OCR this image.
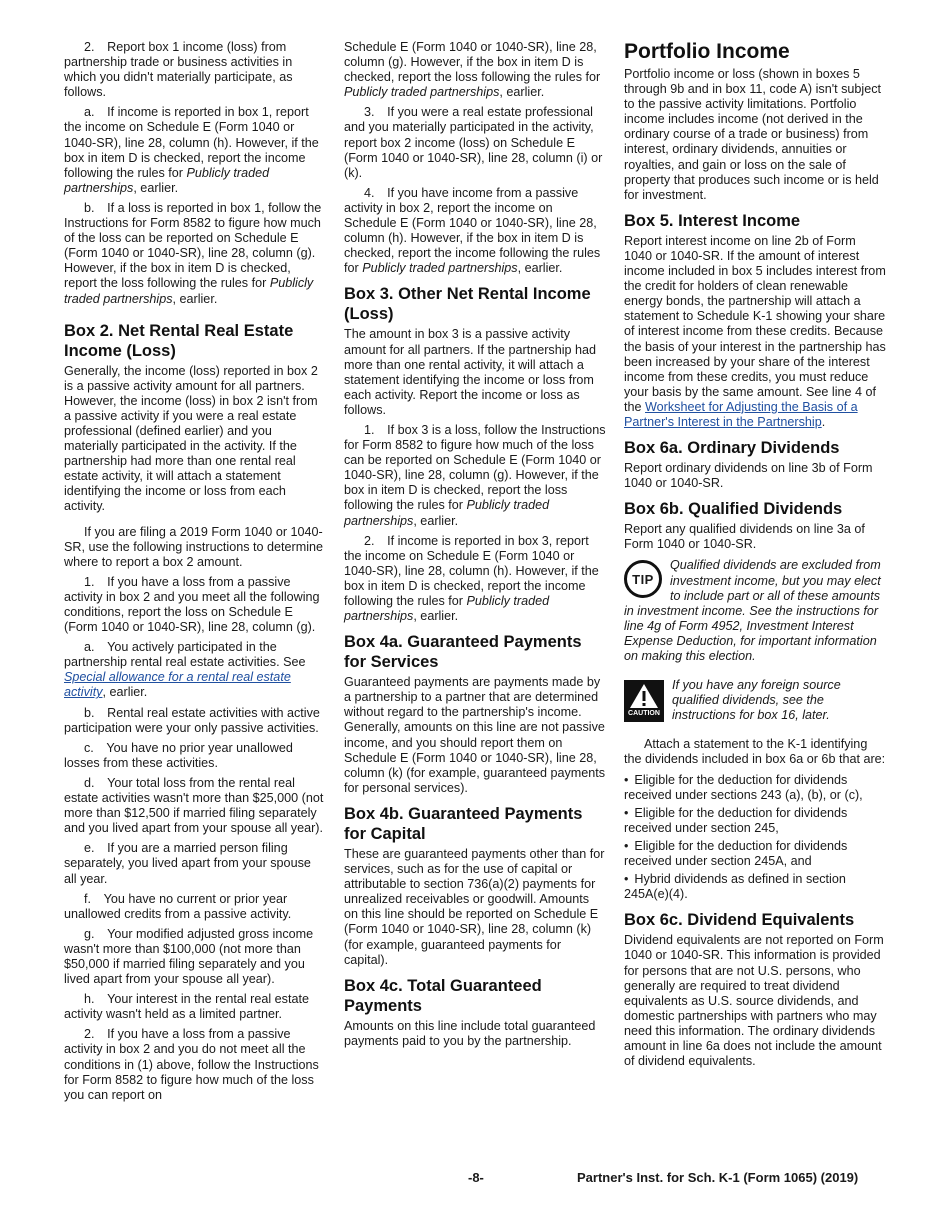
2. Report box 1 income (loss) from partnership trade or business activities in which you didn't materially participate, as follows.

a. If income is reported in box 1, report the income on Schedule E (Form 1040 or 1040-SR), line 28, column (h). However, if the box in item D is checked, report the income following the rules for Publicly traded partnerships, earlier.

b. If a loss is reported in box 1, follow the Instructions for Form 8582 to figure how much of the loss can be reported on Schedule E (Form 1040 or 1040-SR), line 28, column (g). However, if the box in item D is checked, report the loss following the rules for Publicly traded partnerships, earlier.

Box 2. Net Rental Real Estate Income (Loss)

Generally, the income (loss) reported in box 2 is a passive activity amount for all partners. However, the income (loss) in box 2 isn't from a passive activity if you were a real estate professional (defined earlier) and you materially participated in the activity. If the partnership had more than one rental real estate activity, it will attach a statement identifying the income or loss from each activity.

If you are filing a 2019 Form 1040 or 1040-SR, use the following instructions to determine where to report a box 2 amount.

1. If you have a loss from a passive activity in box 2 and you meet all the following conditions, report the loss on Schedule E (Form 1040 or 1040-SR), line 28, column (g).

a. You actively participated in the partnership rental real estate activities. See Special allowance for a rental real estate activity, earlier.

b. Rental real estate activities with active participation were your only passive activities.

c. You have no prior year unallowed losses from these activities.

d. Your total loss from the rental real estate activities wasn't more than $25,000 (not more than $12,500 if married filing separately and you lived apart from your spouse all year).

e. If you are a married person filing separately, you lived apart from your spouse all year.

f. You have no current or prior year unallowed credits from a passive activity.

g. Your modified adjusted gross income wasn't more than $100,000 (not more than $50,000 if married filing separately and you lived apart from your spouse all year).

h. Your interest in the rental real estate activity wasn't held as a limited partner.

2. If you have a loss from a passive activity in box 2 and you do not meet all the conditions in (1) above, follow the Instructions for Form 8582 to figure how much of the loss you can report on

Schedule E (Form 1040 or 1040-SR), line 28, column (g). However, if the box in item D is checked, report the loss following the rules for Publicly traded partnerships, earlier.

3. If you were a real estate professional and you materially participated in the activity, report box 2 income (loss) on Schedule E (Form 1040 or 1040-SR), line 28, column (i) or (k).

4. If you have income from a passive activity in box 2, report the income on Schedule E (Form 1040 or 1040-SR), line 28, column (h). However, if the box in item D is checked, report the income following the rules for Publicly traded partnerships, earlier.

Box 3. Other Net Rental Income (Loss)

The amount in box 3 is a passive activity amount for all partners. If the partnership had more than one rental activity, it will attach a statement identifying the income or loss from each activity. Report the income or loss as follows.

1. If box 3 is a loss, follow the Instructions for Form 8582 to figure how much of the loss can be reported on Schedule E (Form 1040 or 1040-SR), line 28, column (g). However, if the box in item D is checked, report the loss following the rules for Publicly traded partnerships, earlier.

2. If income is reported in box 3, report the income on Schedule E (Form 1040 or 1040-SR), line 28, column (h). However, if the box in item D is checked, report the income following the rules for Publicly traded partnerships, earlier.

Box 4a. Guaranteed Payments for Services

Guaranteed payments are payments made by a partnership to a partner that are determined without regard to the partnership's income. Generally, amounts on this line are not passive income, and you should report them on Schedule E (Form 1040 or 1040-SR), line 28, column (k) (for example, guaranteed payments for personal services).

Box 4b. Guaranteed Payments for Capital

These are guaranteed payments other than for services, such as for the use of capital or attributable to section 736(a)(2) payments for unrealized receivables or goodwill. Amounts on this line should be reported on Schedule E (Form 1040 or 1040-SR), line 28, column (k) (for example, guaranteed payments for capital).

Box 4c. Total Guaranteed Payments

Amounts on this line include total guaranteed payments paid to you by the partnership.

Portfolio Income

Portfolio income or loss (shown in boxes 5 through 9b and in box 11, code A) isn't subject to the passive activity limitations. Portfolio income includes income (not derived in the ordinary course of a trade or business) from interest, ordinary dividends, annuities or royalties, and gain or loss on the sale of property that produces such income or is held for investment.

Box 5. Interest Income

Report interest income on line 2b of Form 1040 or 1040-SR. If the amount of interest income included in box 5 includes interest from the credit for holders of clean renewable energy bonds, the partnership will attach a statement to Schedule K-1 showing your share of interest income from these credits. Because the basis of your interest in the partnership has been increased by your share of the interest income from these credits, you must reduce your basis by the same amount. See line 4 of the Worksheet for Adjusting the Basis of a Partner's Interest in the Partnership.

Box 6a. Ordinary Dividends

Report ordinary dividends on line 3b of Form 1040 or 1040-SR.

Box 6b. Qualified Dividends

Report any qualified dividends on line 3a of Form 1040 or 1040-SR.

TIP
Qualified dividends are excluded from investment income, but you may elect to include part or all of these amounts in investment income. See the instructions for line 4g of Form 4952, Investment Interest Expense Deduction, for important information on making this election.
CAUTION
If you have any foreign source qualified dividends, see the instructions for box 16, later.

Attach a statement to the K-1 identifying the dividends included in box 6a or 6b that are:

• Eligible for the deduction for dividends received under sections 243 (a), (b), or (c),

• Eligible for the deduction for dividends received under section 245,

• Eligible for the deduction for dividends received under section 245A, and

• Hybrid dividends as defined in section 245A(e)(4).

Box 6c. Dividend Equivalents

Dividend equivalents are not reported on Form 1040 or 1040-SR. This information is provided for persons that are not U.S. persons, who generally are required to treat dividend equivalents as U.S. source dividends, and domestic partnerships with partners who may need this information. The ordinary dividends amount in line 6a does not include the amount of dividend equivalents.

-8-	Partner's Inst. for Sch. K-1 (Form 1065) (2019)
